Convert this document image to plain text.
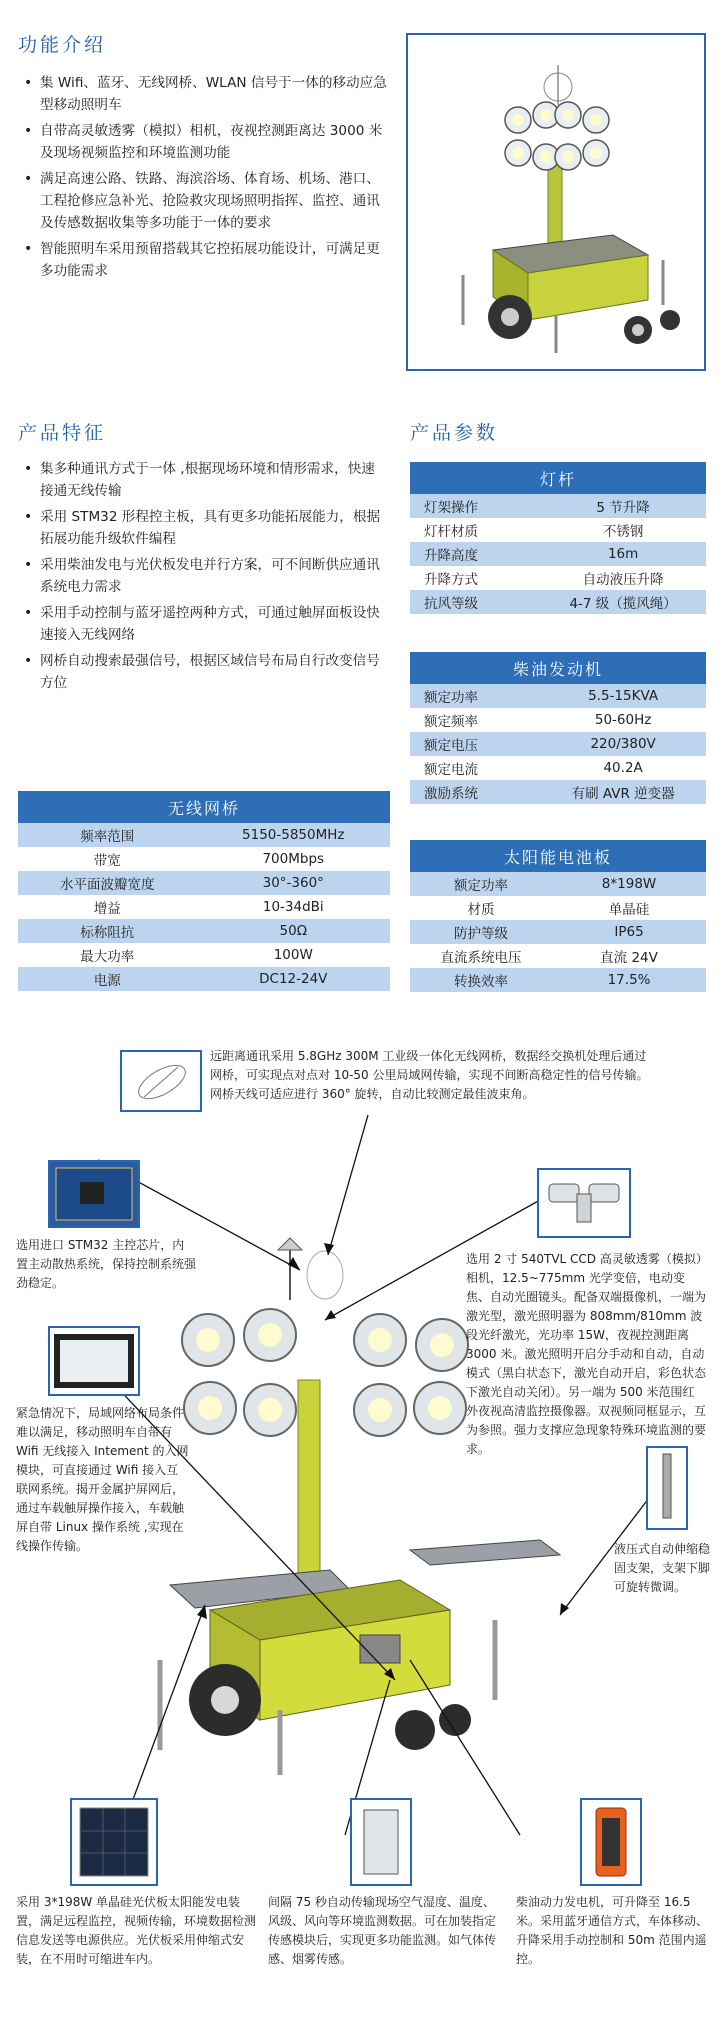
功能介绍
• 集 Wifi、蓝牙、无线网桥、WLAN 信号于一体的移动应急型移动照明车
• 自带高灵敏透雾（模拟）相机，夜视控测距离达 3000 米及现场视频监控和环境监测功能
• 满足高速公路、铁路、海滨浴场、体育场、机场、港口、工程抢修应急补光、抢险救灾现场照明指挥、监控、通讯及传感数据收集等多功能于一体的要求
• 智能照明车采用预留搭载其它控拓展功能设计，可满足更多功能需求
产品特征
• 集多种通讯方式于一体 ,根据现场环境和情形需求，快速接通无线传输
• 采用 STM32 形程控主板，具有更多功能拓展能力，根据拓展功能升级软件编程
• 采用柴油发电与光伏板发电并行方案，可不间断供应通讯系统电力需求
• 采用手动控制与蓝牙遥控两种方式，可通过触屏面板设快速接入无线网络
• 网桥自动搜索最强信号，根据区域信号布局自行改变信号方位
产品参数
灯杆	
灯架操作	5 节升降
灯杆材质	不锈钢
升降高度	16m
升降方式	自动液压升降
抗风等级	4-7 级（揽风绳）
柴油发动机	
额定功率	5.5-15KVA
额定频率	50-60Hz
额定电压	220/380V
额定电流	40.2A
激励系统	有刷 AVR 逆变器
太阳能电池板	
额定功率	8*198W
材质	单晶硅
防护等级	IP65
直流系统电压	直流 24V
转换效率	17.5%
无线网桥	
频率范围	5150-5850MHz
带宽	700Mbps
水平面波瓣宽度	30°-360°
增益	10-34dBi
标称阻抗	50Ω
最大功率	100W
电源	DC12-24V
远距离通讯采用 5.8GHz 300M 工业级一体化无线网桥，数据经交换机处理后通过网桥，可实现点对点对 10-50 公里局域网传输，实现不间断高稳定性的信号传输。网桥天线可适应进行 360° 旋转，自动比较测定最佳波束角。
选用进口 STM32 主控芯片，内置主动散热系统，保持控制系统强劲稳定。
选用 2 寸 540TVL CCD 高灵敏透雾（模拟）相机，12.5~775mm 光学变倍，电动变焦、自动光圈镜头。配备双端摄像机，一端为激光型，激光照明器为 808mm/810mm 波段光纤激光，光功率 15W，夜视控测距离 3000 米。激光照明开启分手动和自动，自动模式（黑白状态下，激光自动开启，彩色状态下激光自动关闭）。另一端为 500 米范围红外夜视高清监控摄像器。双视频同框显示，互为参照。强力支撑应急现象特殊环境监测的要求。
紧急情况下，局域网络布局条件难以满足，移动照明车自带有 Wifi 无线接入 Intement 的入网模块，可直接通过 Wifi 接入互联网系统。揭开金属护屏网后，通过车载触屏操作接入，车载触屏自带 Linux 操作系统 ,实现在线操作传输。	液压式自动伸缩稳固支架，支架下脚可旋转微调。
采用 3*198W 单晶硅光伏板太阳能发电装置，满足远程监控，视频传输，环境数据检测信息发送等电源供应。光伏板采用伸缩式安装，在不用时可缩进车内。
间隔 75 秒自动传输现场空气湿度、温度、风级、风向等环境监测数据。可在加装指定传感模块后，实现更多功能监测。如气体传感、烟雾传感。
柴油动力发电机，可升降至 16.5 米。采用蓝牙通信方式，车体移动、升降采用手动控制和 50m 范围内遥控。
